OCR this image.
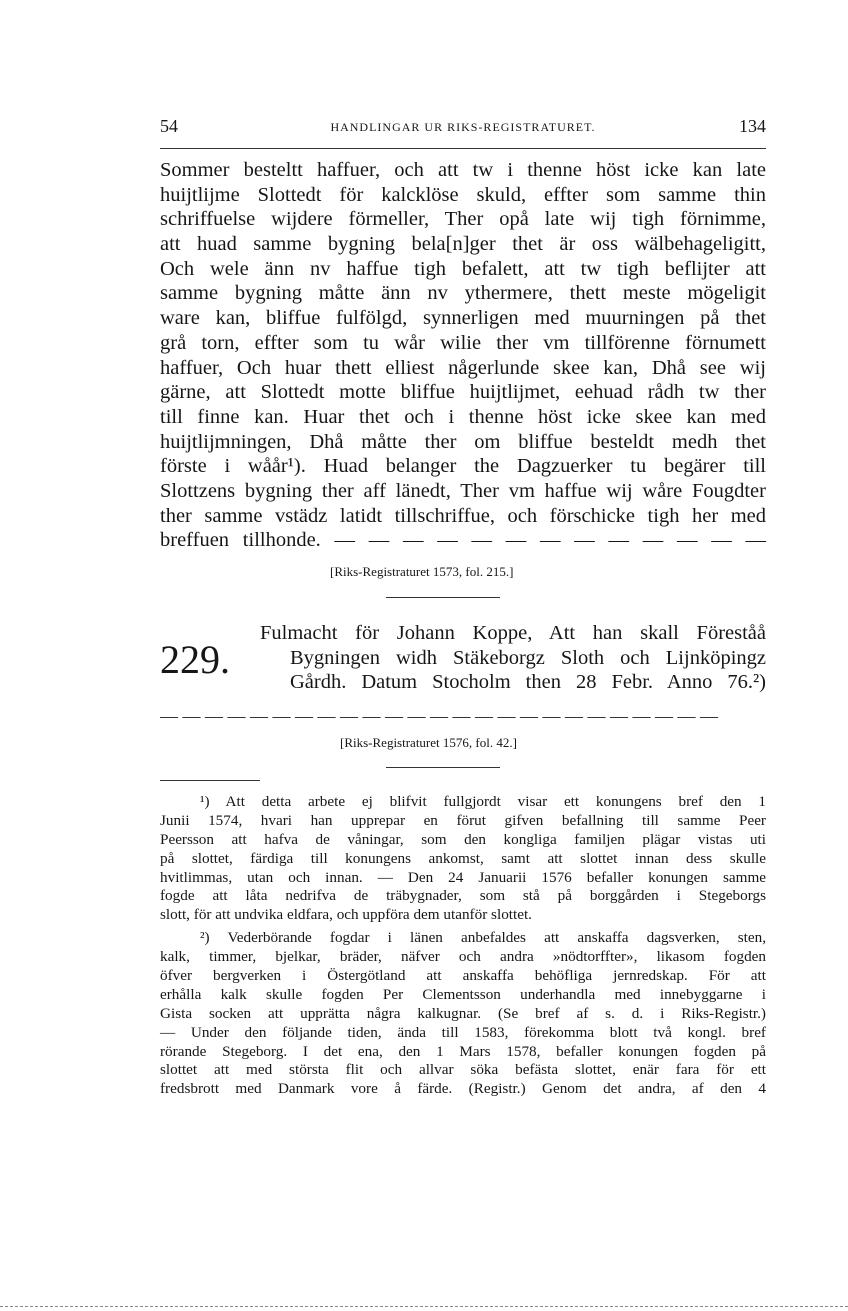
54	HANDLINGAR UR RIKS-REGISTRATURET.	134
Sommer besteltt haffuer, och att tw i thenne höst icke kan late
huijtlijme Slottedt för kalcklöse skuld, effter som samme thin
schriffuelse wijdere förmeller, Ther opå late wij tigh förnimme,
att huad samme bygning bela[n]ger thet är oss wälbehageligitt,
Och wele änn nv haffue tigh befalett, att tw tigh beflijter att
samme bygning måtte änn nv ythermere, thett meste mögeligit
ware kan, bliffue fulfölgd, synnerligen med muurningen på thet
grå torn, effter som tu wår wilie ther vm tillförenne förnumett
haffuer, Och huar thett elliest någerlunde skee kan, Dhå see wij
gärne, att Slottedt motte bliffue huijtlijmet, eehuad rådh tw ther
till finne kan. Huar thet och i thenne höst icke skee kan med
huijtlijmningen, Dhå måtte ther om bliffue besteldt medh thet
förste i wåår¹). Huad belanger the Dagzuerker tu begärer till
Slottzens bygning ther aff länedt, Ther vm haffue wij wåre Fougdter
ther samme vstädz latidt tillschriffue, och förschicke tigh her med
breffuen tillhonde. — — — — — — — — — — — — —
[Riks-Registraturet 1573, fol. 215.]
229.
Fulmacht för Johann Koppe, Att han skall Föreståå
Bygningen widh Stäkeborgz Sloth och Lijnköpingz
Gårdh. Datum Stocholm then 28 Febr. Anno 76.²)
— — — — — — — — — — — — — — — — — — — — — — — — —
[Riks-Registraturet 1576, fol. 42.]
¹) Att detta arbete ej blifvit fullgjordt visar ett konungens bref den 1
Junii 1574, hvari han upprepar en förut gifven befallning till samme Peer
Peersson att hafva de våningar, som den kongliga familjen plägar vistas uti
på slottet, färdiga till konungens ankomst, samt att slottet innan dess skulle
hvitlimmas, utan och innan. — Den 24 Januarii 1576 befaller konungen samme
fogde att låta nedrifva de träbygnader, som stå på borggården i Stegeborgs
slott, för att undvika eldfara, och uppföra dem utanför slottet.
²) Vederbörande fogdar i länen anbefaldes att anskaffa dagsverken, sten,
kalk, timmer, bjelkar, bräder, näfver och andra »nödtorffter», likasom fogden
öfver bergverken i Östergötland att anskaffa behöfliga jernredskap. För att
erhålla kalk skulle fogden Per Clementsson underhandla med innebyggarne i
Gista socken att upprätta några kalkugnar. (Se bref af s. d. i Riks-Registr.)
— Under den följande tiden, ända till 1583, förekomma blott två kongl. bref
rörande Stegeborg. I det ena, den 1 Mars 1578, befaller konungen fogden på
slottet att med största flit och allvar söka befästa slottet, enär fara för ett
fredsbrott med Danmark vore å färde. (Registr.) Genom det andra, af den 4
